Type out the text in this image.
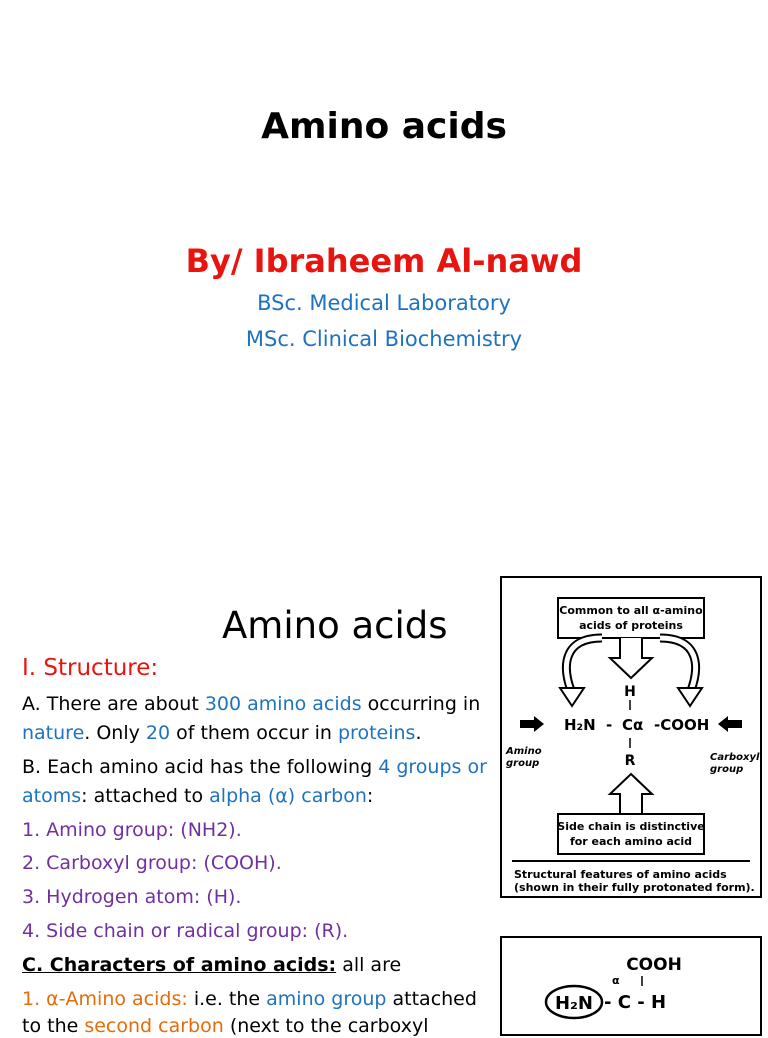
Amino acids
By/ Ibraheem Al-nawd
BSc. Medical Laboratory
MSc. Clinical Biochemistry
Amino acids
I. Structure:
A. There are about 300 amino acids occurring in
nature. Only 20 of them occur in proteins.
B. Each amino acid has the following 4 groups or
atoms: attached to alpha (α) carbon:
1. Amino group: (NH2).
2. Carboxyl group: (COOH).
3. Hydrogen atom: (H).
4. Side chain or radical group: (R).
C. Characters of amino acids: all are
1. α-Amino acids: i.e. the amino group attached
to the second carbon (next to the carboxyl
Common to all α-amino
acids of proteins
H
H₂N - Cα -COOH
R
Amino
group
Carboxyl
group
Side chain is distinctive
for each amino acid
Structural features of amino acids
(shown in their fully protonated form).
COOH
α
H₂N - C - H
